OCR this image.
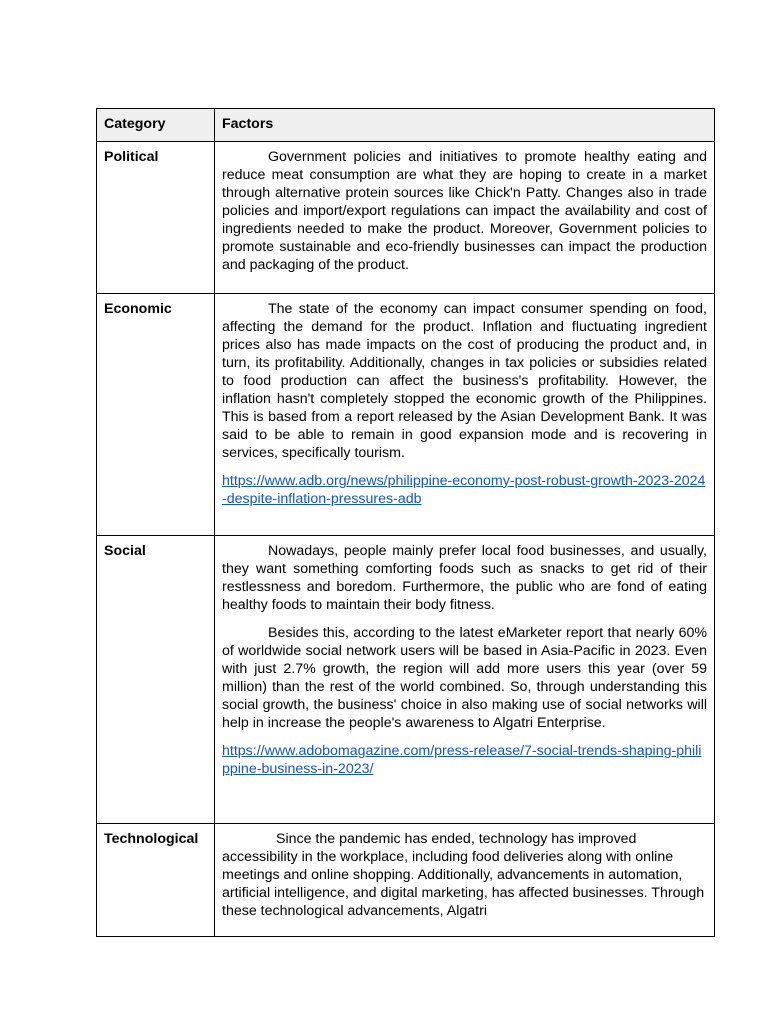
Category	Factors
Political	Government policies and initiatives to promote healthy eating and reduce meat consumption are what they are hoping to create in a market through alternative protein sources like Chick'n Patty. Changes also in trade policies and import/export regulations can impact the availability and cost of ingredients needed to make the product. Moreover, Government policies to promote sustainable and eco-friendly businesses can impact the production and packaging of the product.

Economic	The state of the economy can impact consumer spending on food, affecting the demand for the product. Inflation and fluctuating ingredient prices also has made impacts on the cost of producing the product and, in turn, its profitability. Additionally, changes in tax policies or subsidies related to food production can affect the business's profitability. However, the inflation hasn't completely stopped the economic growth of the Philippines. This is based from a report released by the Asian Development Bank. It was said to be able to remain in good expansion mode and is recovering in services, specifically tourism.

https://www.adb.org/news/philippine-economy-post-robust-growth-2023-2024-despite-inflation-pressures-adb

Social	Nowadays, people mainly prefer local food businesses, and usually, they want something comforting foods such as snacks to get rid of their restlessness and boredom. Furthermore, the public who are fond of eating healthy foods to maintain their body fitness.

Besides this, according to the latest eMarketer report that nearly 60% of worldwide social network users will be based in Asia-Pacific in 2023. Even with just 2.7% growth, the region will add more users this year (over 59 million) than the rest of the world combined. So, through understanding this social growth, the business' choice in also making use of social networks will help in increase the people's awareness to Algatri Enterprise.

https://www.adobomagazine.com/press-release/7-social-trends-shaping-philippine-business-in-2023/

Technological	Since the pandemic has ended, technology has improved accessibility in the workplace, including food deliveries along with online meetings and online shopping. Additionally, advancements in automation, artificial intelligence, and digital marketing, has affected businesses. Through these technological advancements, Algatri
